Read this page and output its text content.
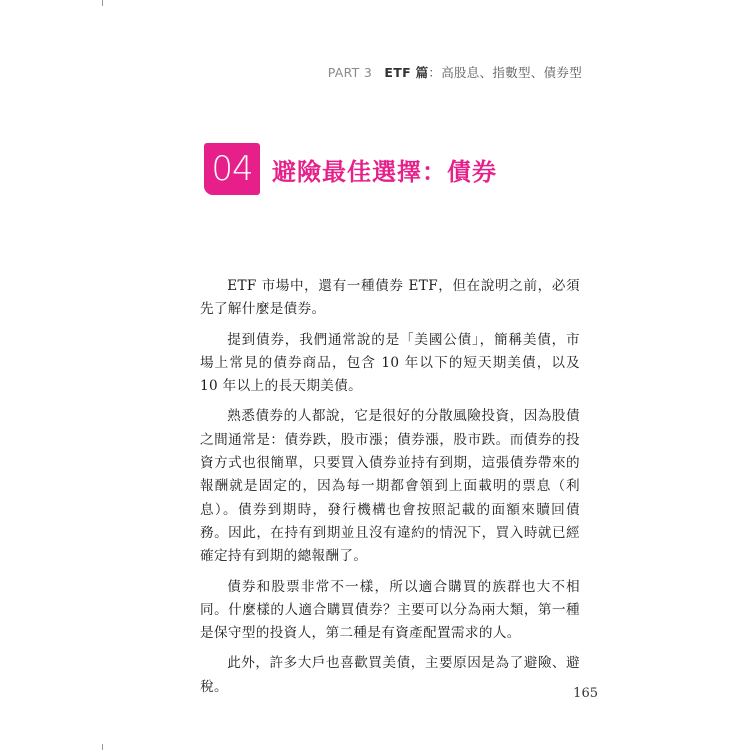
PART 3 ETF 篇：高股息、指數型、債券型
04 避險最佳選擇：債券

ETF 市場中，還有一種債券 ETF，但在說明之前，必須先了解什麼是債券。

提到債券，我們通常說的是「美國公債」，簡稱美債，市場上常見的債券商品，包含 10 年以下的短天期美債，以及 10 年以上的長天期美債。

熟悉債券的人都說，它是很好的分散風險投資，因為股債之間通常是：債券跌，股市漲；債券漲，股市跌。而債券的投資方式也很簡單，只要買入債券並持有到期，這張債券帶來的報酬就是固定的，因為每一期都會領到上面載明的票息（利息）。債券到期時，發行機構也會按照記載的面額來贖回債務。因此，在持有到期並且沒有違約的情況下，買入時就已經確定持有到期的總報酬了。

債券和股票非常不一樣，所以適合購買的族群也大不相同。什麼樣的人適合購買債券？主要可以分為兩大類，第一種是保守型的投資人，第二種是有資產配置需求的人。

此外，許多大戶也喜歡買美債，主要原因是為了避險、避稅。	165
